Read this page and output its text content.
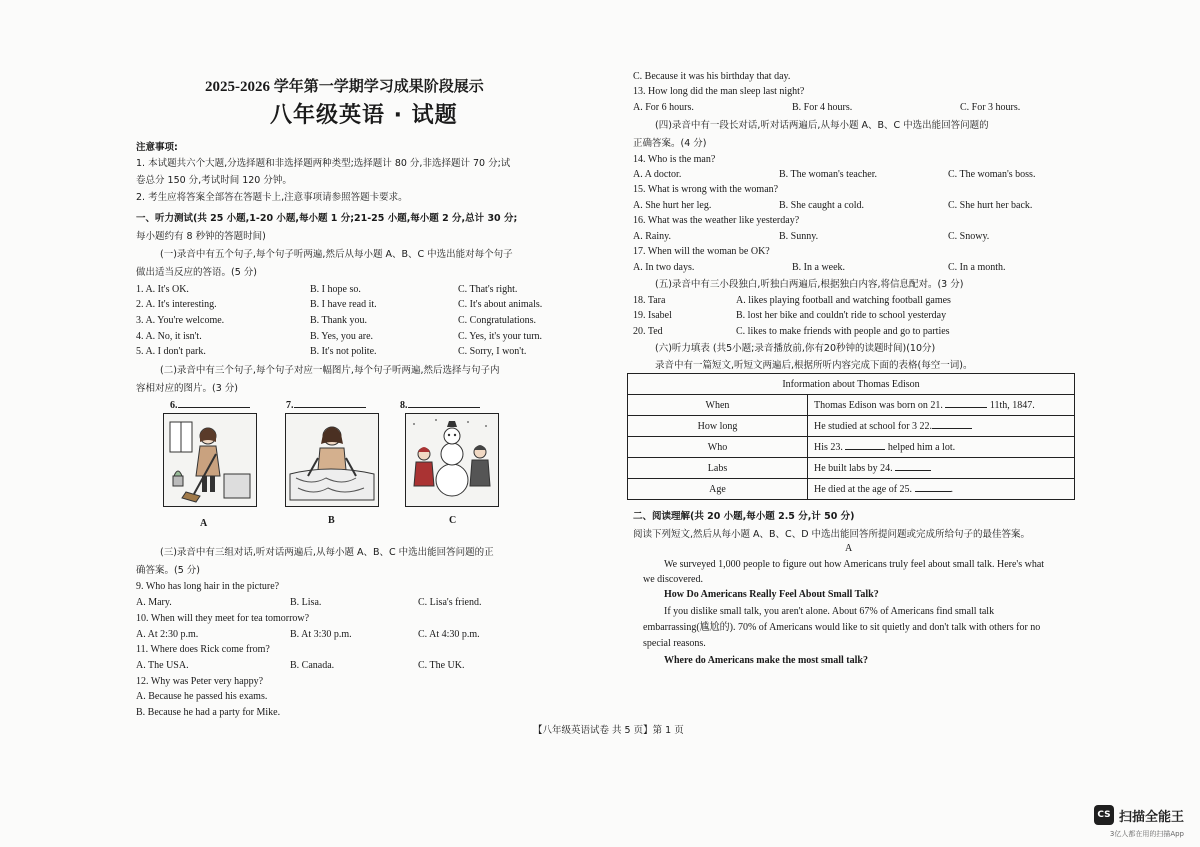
2025-2026 学年第一学期学习成果阶段展示
八年级英语 · 试题
注意事项:
1. 本试题共六个大题,分选择题和非选择题两种类型;选择题计 80 分,非选择题计 70 分;试
卷总分 150 分,考试时间 120 分钟。
2. 考生应将答案全部答在答题卡上,注意事项请参照答题卡要求。
一、听力测试(共 25 小题,1-20 小题,每小题 1 分;21-25 小题,每小题 2 分,总计 30 分;
每小题约有 8 秒钟的答题时间)
(一)录音中有五个句子,每个句子听两遍,然后从每小题 A、B、C 中选出能对每个句子
做出适当反应的答语。(5 分)
1. A. It's OK.	B. I hope so.	C. That's right.
2. A. It's interesting.	B. I have read it.	C. It's about animals.
3. A. You're welcome.	B. Thank you.	C. Congratulations.
4. A. No, it isn't.	B. Yes, you are.	C. Yes, it's your turn.
5. A. I don't park.	B. It's not polite.	C. Sorry, I won't.
(二)录音中有三个句子,每个句子对应一幅图片,每个句子听两遍,然后选择与句子内
容相对应的图片。(3 分)
6.	7.	8.
A	B	C
(三)录音中有三组对话,听对话两遍后,从每小题 A、B、C 中选出能回答问题的正
确答案。(5 分)
9. Who has long hair in the picture?
A. Mary.	B. Lisa.	C. Lisa's friend.
10. When will they meet for tea tomorrow?
A. At 2:30 p.m.	B. At 3:30 p.m.	C. At 4:30 p.m.
11. Where does Rick come from?
A. The USA.	B. Canada.	C. The UK.
12. Why was Peter very happy?
A. Because he passed his exams.
B. Because he had a party for Mike.
C. Because it was his birthday that day.
13. How long did the man sleep last night?
A. For 6 hours.	B. For 4 hours.	C. For 3 hours.
(四)录音中有一段长对话,听对话两遍后,从每小题 A、B、C 中选出能回答问题的
正确答案。(4 分)
14. Who is the man?
A. A doctor.	B. The woman's teacher.	C. The woman's boss.
15. What is wrong with the woman?
A. She hurt her leg.	B. She caught a cold.	C. She hurt her back.
16. What was the weather like yesterday?
A. Rainy.	B. Sunny.	C. Snowy.
17. When will the woman be OK?
A. In two days.	B. In a week.	C. In a month.
(五)录音中有三小段独白,听独白两遍后,根据独白内容,将信息配对。(3 分)
18. Tara	A. likes playing football and watching football games
19. Isabel	B. lost her bike and couldn't ride to school yesterday
20. Ted	C. likes to make friends with people and go to parties
(六)听力填表 (共5小题;录音播放前,你有20秒钟的读题时间)(10分)
录音中有一篇短文,听短文两遍后,根据所听内容完成下面的表格(每空一词)。
Information about Thomas Edison	
When	Thomas Edison was born on 21. 11th, 1847.
How long	He studied at school for 3 22.
Who	His 23. helped him a lot.
Labs	He built labs by 24.
Age	He died at the age of 25. .
二、阅读理解(共 20 小题,每小题 2.5 分,计 50 分)
阅读下列短文,然后从每小题 A、B、C、D 中选出能回答所提问题或完成所给句子的最佳答案。
A
We surveyed 1,000 people to figure out how Americans truly feel about small talk. Here's what
we discovered.
How Do Americans Really Feel About Small Talk?
If you dislike small talk, you aren't alone. About 67% of Americans find small talk
embarrassing(尴尬的). 70% of Americans would like to sit quietly and don't talk with others for no
special reasons.
Where do Americans make the most small talk?
【八年级英语试卷 共 5 页】第 1 页
CS 扫描全能王
3亿人都在用的扫描App
